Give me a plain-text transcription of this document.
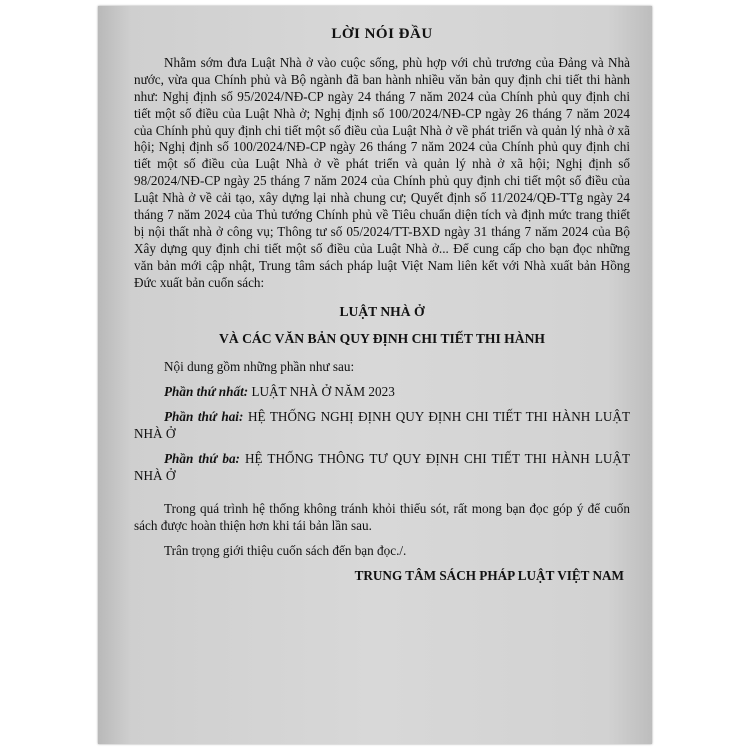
LỜI NÓI ĐẦU

Nhằm sớm đưa Luật Nhà ở vào cuộc sống, phù hợp với chủ trương của Đảng và Nhà nước, vừa qua Chính phủ và Bộ ngành đã ban hành nhiều văn bản quy định chi tiết thi hành như: Nghị định số 95/2024/NĐ-CP ngày 24 tháng 7 năm 2024 của Chính phủ quy định chi tiết một số điều của Luật Nhà ở; Nghị định số 100/2024/NĐ-CP ngày 26 tháng 7 năm 2024 của Chính phủ quy định chi tiết một số điều của Luật Nhà ở về phát triển và quản lý nhà ở xã hội; Nghị định số 100/2024/NĐ-CP ngày 26 tháng 7 năm 2024 của Chính phủ quy định chi tiết một số điều của Luật Nhà ở về phát triển và quản lý nhà ở xã hội; Nghị định số 98/2024/NĐ-CP ngày 25 tháng 7 năm 2024 của Chính phủ quy định chi tiết một số điều của Luật Nhà ở về cải tạo, xây dựng lại nhà chung cư; Quyết định số 11/2024/QĐ-TTg ngày 24 tháng 7 năm 2024 của Thủ tướng Chính phủ về Tiêu chuẩn diện tích và định mức trang thiết bị nội thất nhà ở công vụ; Thông tư số 05/2024/TT-BXD ngày 31 tháng 7 năm 2024 của Bộ Xây dựng quy định chi tiết một số điều của Luật Nhà ở... Để cung cấp cho bạn đọc những văn bản mới cập nhật, Trung tâm sách pháp luật Việt Nam liên kết với Nhà xuất bản Hồng Đức xuất bản cuốn sách:

LUẬT NHÀ Ở
VÀ CÁC VĂN BẢN QUY ĐỊNH CHI TIẾT THI HÀNH

Nội dung gồm những phần như sau:

Phần thứ nhất: LUẬT NHÀ Ở NĂM 2023

Phần thứ hai: HỆ THỐNG NGHỊ ĐỊNH QUY ĐỊNH CHI TIẾT THI HÀNH LUẬT NHÀ Ở

Phần thứ ba: HỆ THỐNG THÔNG TƯ QUY ĐỊNH CHI TIẾT THI HÀNH LUẬT NHÀ Ở

Trong quá trình hệ thống không tránh khỏi thiếu sót, rất mong bạn đọc góp ý để cuốn sách được hoàn thiện hơn khi tái bản lần sau.

Trân trọng giới thiệu cuốn sách đến bạn đọc./.

TRUNG TÂM SÁCH PHÁP LUẬT VIỆT NAM
